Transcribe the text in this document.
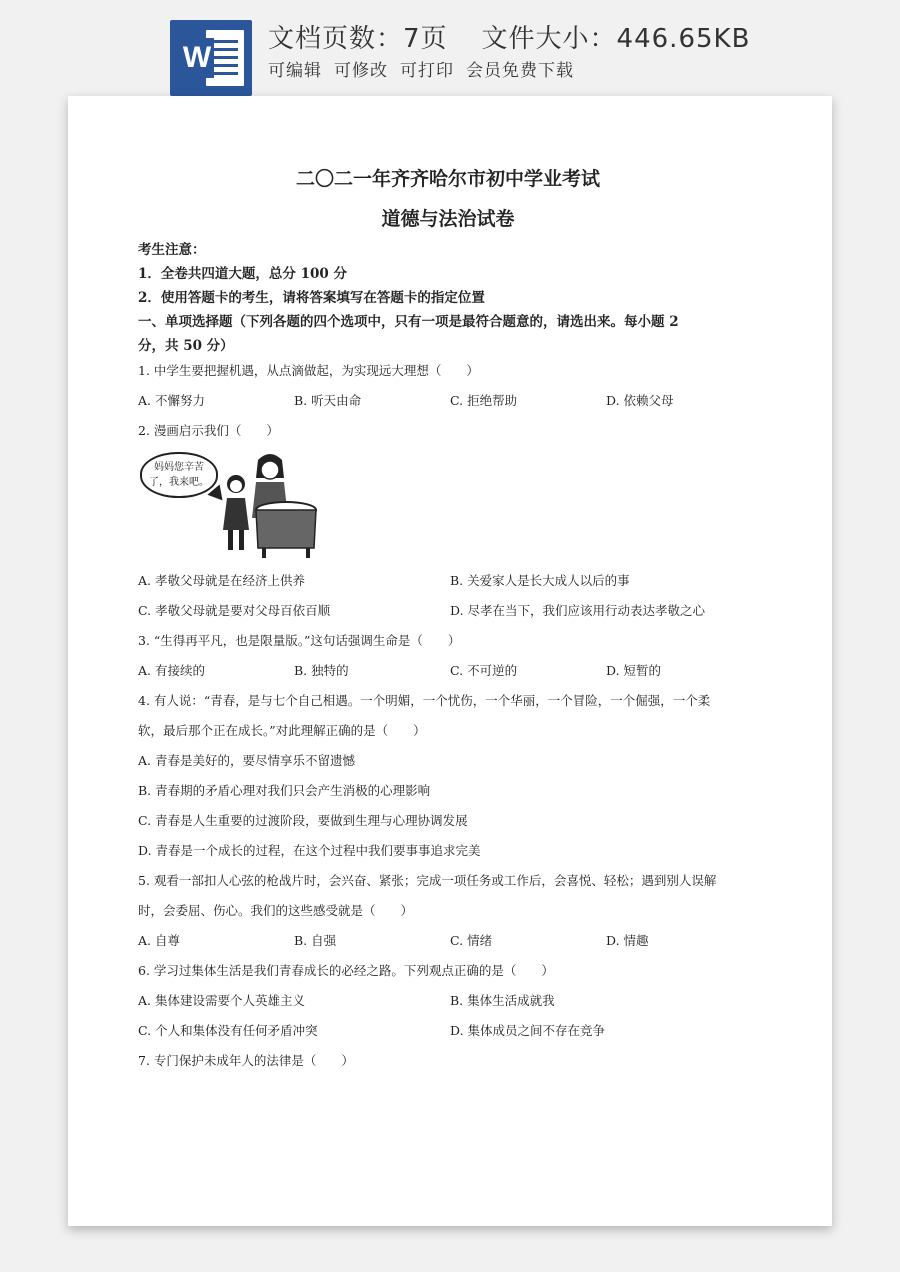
W
文档页数：7页 文件大小：446.65KB
可编辑 可修改 可打印 会员免费下载
二〇二一年齐齐哈尔市初中学业考试
道德与法治试卷
考生注意：
1．全卷共四道大题，总分 100 分
2．使用答题卡的考生，请将答案填写在答题卡的指定位置
一、单项选择题（下列各题的四个选项中，只有一项是最符合题意的，请选出来。每小题 2
分，共 50 分）
1. 中学生要把握机遇，从点滴做起，为实现远大理想（　　）
A. 不懈努力	B. 听天由命	C. 拒绝帮助	D. 依赖父母
2. 漫画启示我们（　　）
妈妈您辛苦
了，我来吧。
A. 孝敬父母就是在经济上供养	B. 关爱家人是长大成人以后的事
C. 孝敬父母就是要对父母百依百顺	D. 尽孝在当下，我们应该用行动表达孝敬之心
3. “生得再平凡，也是限量版。”这句话强调生命是（　　）
A. 有接续的	B. 独特的	C. 不可逆的	D. 短暂的
4. 有人说：“青春，是与七个自己相遇。一个明媚，一个忧伤，一个华丽，一个冒险，一个倔强，一个柔
软，最后那个正在成长。”对此理解正确的是（　　）
A. 青春是美好的，要尽情享乐不留遗憾
B. 青春期的矛盾心理对我们只会产生消极的心理影响
C. 青春是人生重要的过渡阶段，要做到生理与心理协调发展
D. 青春是一个成长的过程，在这个过程中我们要事事追求完美
5. 观看一部扣人心弦的枪战片时，会兴奋、紧张；完成一项任务或工作后，会喜悦、轻松；遇到别人误解
时，会委屈、伤心。我们的这些感受就是（　　）
A. 自尊	B. 自强	C. 情绪	D. 情趣
6. 学习过集体生活是我们青春成长的必经之路。下列观点正确的是（　　）
A. 集体建设需要个人英雄主义	B. 集体生活成就我
C. 个人和集体没有任何矛盾冲突	D. 集体成员之间不存在竞争
7. 专门保护未成年人的法律是（　　）
